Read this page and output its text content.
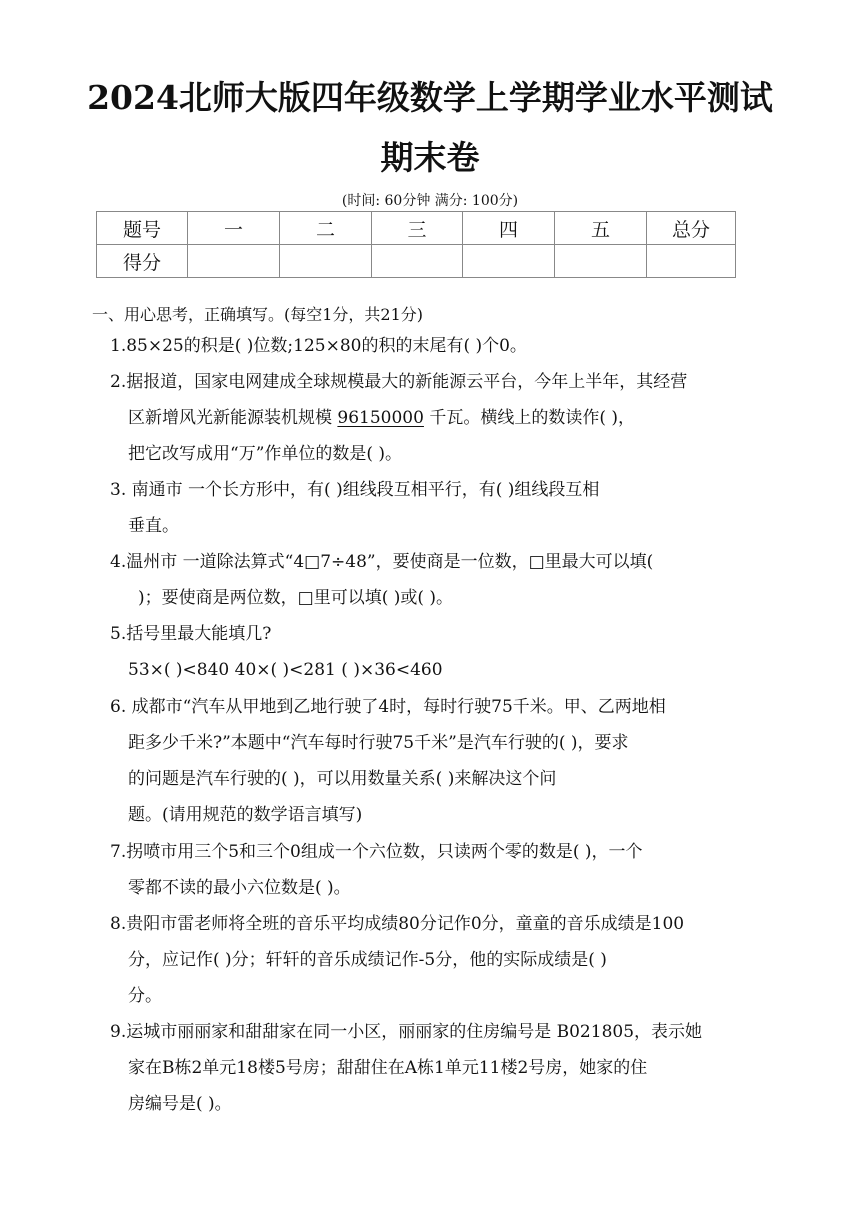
2024北师大版四年级数学上学期学业水平测试
期末卷
(时间: 60分钟 满分: 100分)
题号	一	二	三	四	五	总分
得分						
一、用心思考，正确填写。(每空1分，共21分)
1.85×25的积是( )位数;125×80的积的末尾有( )个0。
2.据报道，国家电网建成全球规模最大的新能源云平台，今年上半年，其经营
区新增风光新能源装机规模 96150000 千瓦。横线上的数读作( )，
把它改写成用“万”作单位的数是( )。
3. 南通市 一个长方形中，有( )组线段互相平行，有( )组线段互相
垂直。
4.温州市 一道除法算式“4□7÷48”，要使商是一位数，□里最大可以填(
)；要使商是两位数，□里可以填( )或( )。
5.括号里最大能填几?
53×( )<840 40×( )<281 ( )×36<460
6. 成都市“汽车从甲地到乙地行驶了4时，每时行驶75千米。甲、乙两地相
距多少千米?”本题中“汽车每时行驶75千米”是汽车行驶的( )，要求
的问题是汽车行驶的( )，可以用数量关系( )来解决这个问
题。(请用规范的数学语言填写)
7.拐喷市用三个5和三个0组成一个六位数，只读两个零的数是( )，一个
零都不读的最小六位数是( )。
8.贵阳市雷老师将全班的音乐平均成绩80分记作0分，童童的音乐成绩是100
分，应记作( )分；轩轩的音乐成绩记作-5分，他的实际成绩是( )
分。
9.运城市丽丽家和甜甜家在同一小区，丽丽家的住房编号是 B021805，表示她
家在B栋2单元18楼5号房；甜甜住在A栋1单元11楼2号房，她家的住
房编号是( )。
